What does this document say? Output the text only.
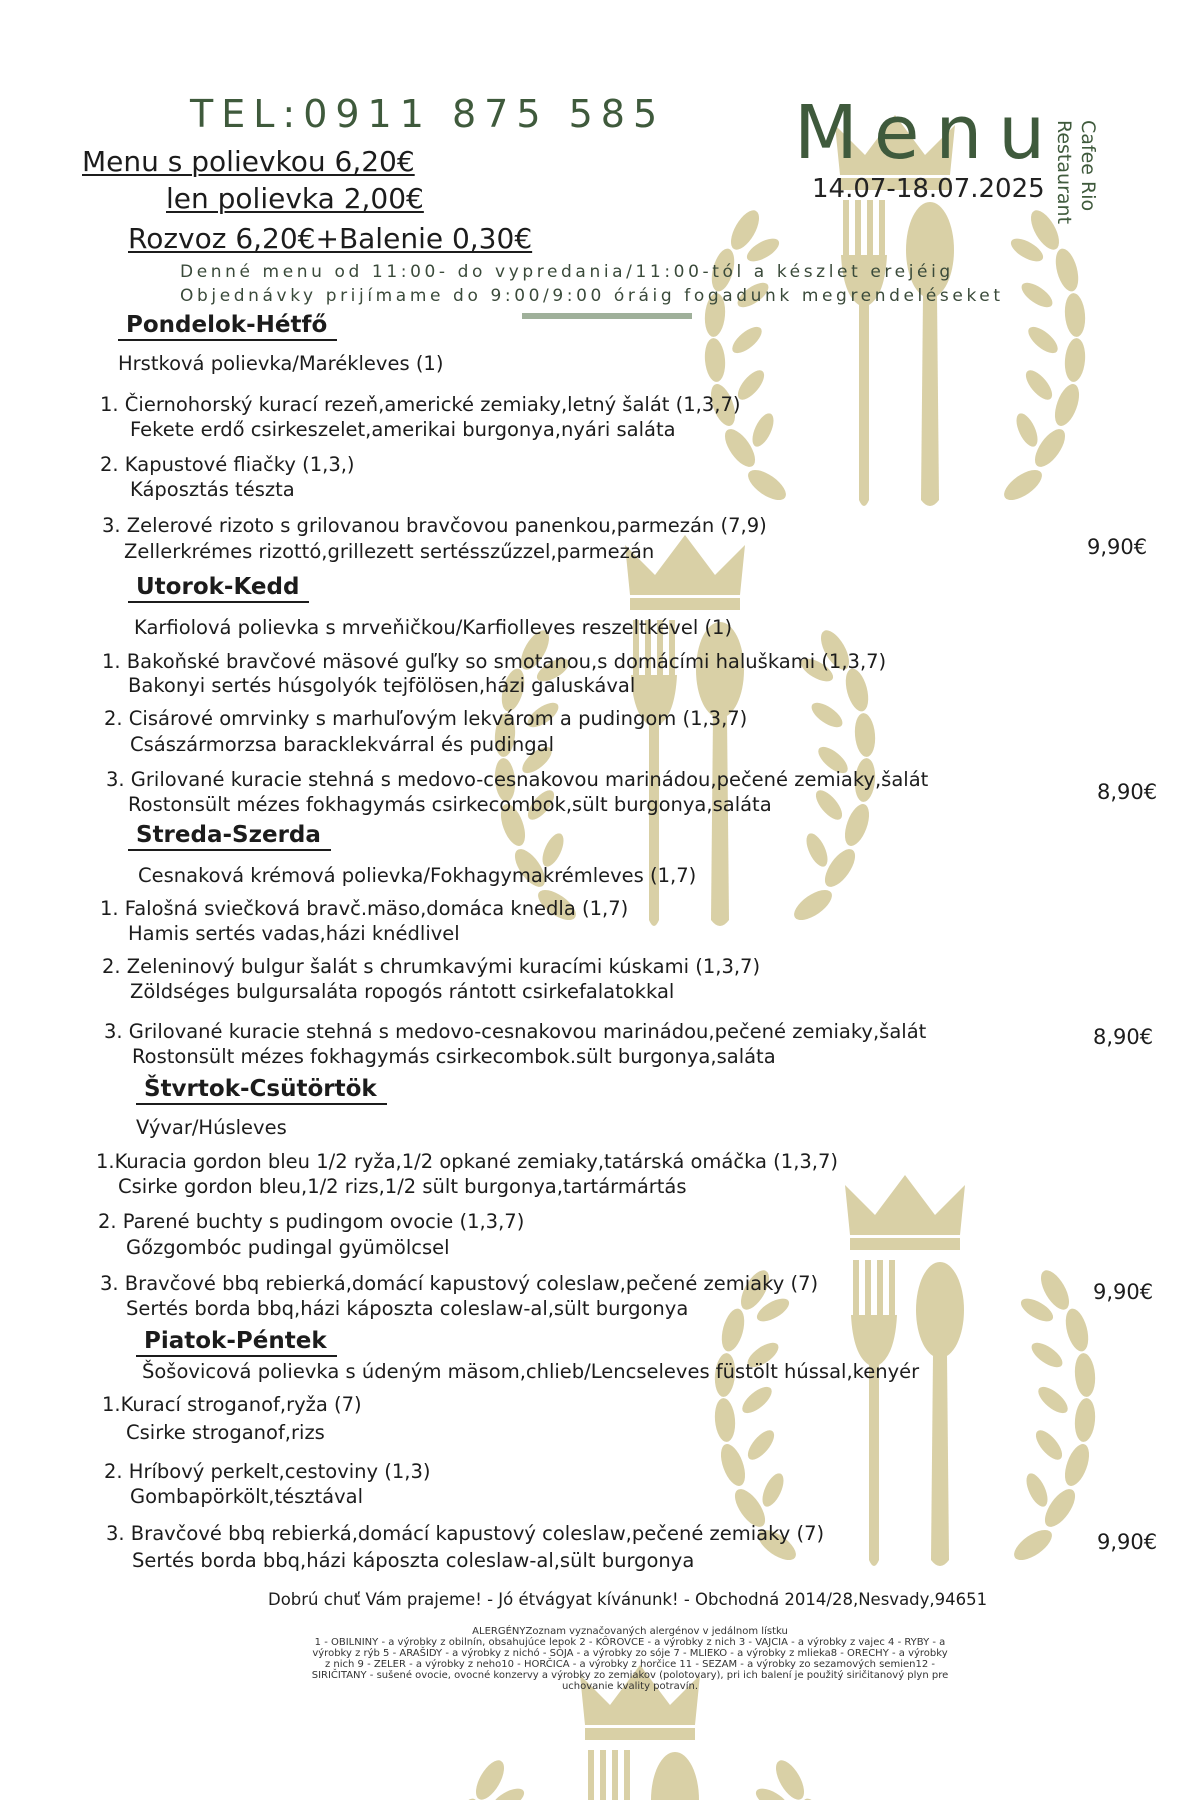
TEL:0911 875 585 Menu
14.07-18.07.2025 Cafee Rio
Restaurant
Menu s polievkou 6,20€
len polievka 2,00€
Rozvoz 6,20€+Balenie 0,30€
Denné menu od 11:00- do vypredania/11:00-tól a készlet erejéig
Objednávky prijímame do 9:00/9:00 óráig fogadunk megrendeléseket
Pondelok-Hétfő
Hrstková polievka/Marékleves (1)
1. Čiernohorský kurací rezeň,americké zemiaky,letný šalát (1,3,7)
Fekete erdő csirkeszelet,amerikai burgonya,nyári saláta
2. Kapustové fliačky (1,3,)
Káposztás tészta
3. Zelerové rizoto s grilovanou bravčovou panenkou,parmezán (7,9)
Zellerkrémes rizottó,grillezett sertésszűzzel,parmezán	9,90€
Utorok-Kedd
Karfiolová polievka s mrveňičkou/Karfiolleves reszeltkével (1)
1. Bakoňské bravčové mäsové guľky so smotanou,s domácími haluškami (1,3,7)
Bakonyi sertés húsgolyók tejfölösen,házi galuskával
2. Cisárové omrvinky s marhuľovým lekvárom a pudingom (1,3,7)
Császármorzsa baracklekvárral és pudingal
3. Grilované kuracie stehná s medovo-cesnakovou marinádou,pečené zemiaky,šalát
Rostonsült mézes fokhagymás csirkecombok,sült burgonya,saláta
8,90€
Streda-Szerda
Cesnaková krémová polievka/Fokhagymakrémleves (1,7)
1. Falošná sviečková bravč.mäso,domáca knedla (1,7)
Hamis sertés vadas,házi knédlivel
2. Zeleninový bulgur šalát s chrumkavými kuracími kúskami (1,3,7)
Zöldséges bulgursaláta ropogós rántott csirkefalatokkal
3. Grilované kuracie stehná s medovo-cesnakovou marinádou,pečené zemiaky,šalát
Rostonsült mézes fokhagymás csirkecombok.sült burgonya,saláta
8,90€
Štvrtok-Csütörtök
Vývar/Húsleves
1.Kuracia gordon bleu 1/2 ryža,1/2 opkané zemiaky,tatárská omáčka (1,3,7)
Csirke gordon bleu,1/2 rizs,1/2 sült burgonya,tartármártás
2. Parené buchty s pudingom ovocie (1,3,7)
Gőzgombóc pudingal gyümölcsel
3. Bravčové bbq rebierká,domácí kapustový coleslaw,pečené zemiaky (7)
Sertés borda bbq,házi káposzta coleslaw-al,sült burgonya
9,90€
Piatok-Péntek
Šošovicová polievka s údeným mäsom,chlieb/Lencseleves füstölt hússal,kenyér
1.Kurací stroganof,ryža (7)
Csirke stroganof,rizs
2. Hríbový perkelt,cestoviny (1,3)
Gombapörkölt,tésztával
3. Bravčové bbq rebierká,domácí kapustový coleslaw,pečené zemiaky (7)
Sertés borda bbq,házi káposzta coleslaw-al,sült burgonya
9,90€
Dobrú chuť Vám prajeme! - Jó étvágyat kívánunk! - Obchodná 2014/28,Nesvady,94651
ALERGÉNYZoznam vyznačovaných alergénov v jedálnom lístku
1 - OBILNINY - a výrobky z obilnín, obsahujúce lepok 2 - KÔROVCE - a výrobky z nich 3 - VAJCIA - a výrobky z vajec 4 - RYBY - a
výrobky z rýb 5 - ARAŠIDY - a výrobky z nichó - SÓJA - a výrobky zo sóje 7 - MLIEKO - a výrobky z mlieka8 - ORECHY - a výrobky
z nich 9 - ZELER - a výrobky z neho10 - HORČICA - a výrobky z horčice 11 - SEZAM - a výrobky zo sezamových semien12 -
SIRIČITANY - sušené ovocie, ovocné konzervy a výrobky zo zemiakov (polotovary), pri ich balení je použitý siričitanový plyn pre
uchovanie kvality potravín.
